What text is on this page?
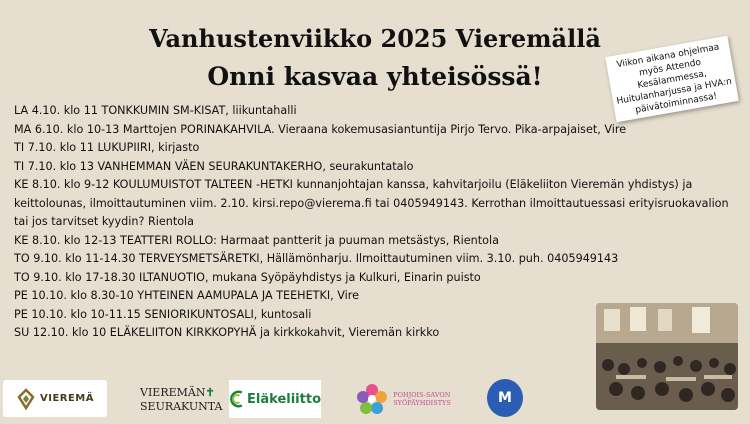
Vanhustenviikko 2025 Vieremällä
Onni kasvaa yhteisössä!
Viikon aikana ohjelmaa myös Attendo Kesälammessa, Huitulanharjussa ja HVA:n päivätoiminnassa!
LA 4.10. klo 11 TONKKUMIN SM-KISAT, liikuntahalli
MA 6.10. klo 10-13 Marttojen PORINAKAHVILA. Vieraana kokemusasiantuntija Pirjo Tervo. Pika-arpajaiset, Vire
TI 7.10. klo 11 LUKUPIIRI, kirjasto
TI 7.10. klo 13 VANHEMMAN VÄEN SEURAKUNTAKERHO, seurakuntatalo
KE 8.10. klo 9-12 KOULUMUISTOT TALTEEN -HETKI kunnanjohtajan kanssa, kahvitarjoilu (Eläkeliiton Vieremän yhdistys) ja keittolounas, ilmoittautuminen viim. 2.10. kirsi.repo@vierema.fi tai 0405949143. Kerrothan ilmoittautuessasi erityisruokavalion tai jos tarvitset kyydin? Rientola
KE 8.10. klo 12-13 TEATTERI ROLLO: Harmaat pantterit ja puuman metsästys, Rientola
TO 9.10. klo 11-14.30 TERVEYSMETSÄRETKI, Hällämönharju. Ilmoittautuminen viim. 3.10. puh. 0405949143
TO 9.10. klo 17-18.30 ILTANUOTIO, mukana Syöpäyhdistys ja Kulkuri, Einarin puisto
PE 10.10. klo 8.30-10 YHTEINEN AAMUPALA JA TEEHETKI, Vire
PE 10.10. klo 10-11.15 SENIORIKUNTOSALI, kuntosali
SU 12.10. klo 10 ELÄKELIITON KIRKKOPYHÄ ja kirkkokahvit, Vieremän kirkko
VIEREMÄ	VIEREMÄN✝
SEURAKUNTA Eläkeliitto	POHJOIS-SAVON
SYÖPÄYHDISTYS	M
